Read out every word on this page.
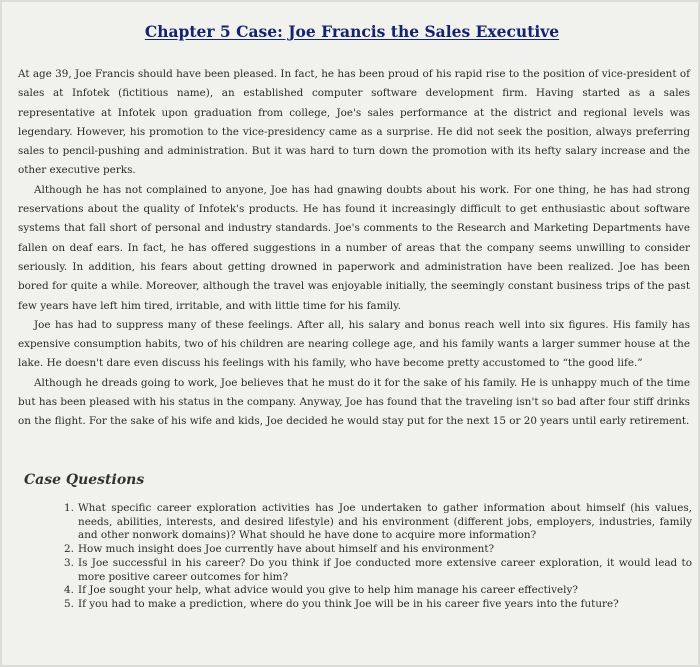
Chapter 5 Case: Joe Francis the Sales Executive

At age 39, Joe Francis should have been pleased. In fact, he has been proud of his rapid rise to the position of vice-president of sales at Infotek (fictitious name), an established computer software development firm. Having started as a sales representative at Infotek upon graduation from college, Joe's sales performance at the district and regional levels was legendary. However, his promotion to the vice-presidency came as a surprise. He did not seek the position, always preferring sales to pencil-pushing and administration. But it was hard to turn down the promotion with its hefty salary increase and the other executive perks.

Although he has not complained to anyone, Joe has had gnawing doubts about his work. For one thing, he has had strong reservations about the quality of Infotek's products. He has found it increasingly difficult to get enthusiastic about software systems that fall short of personal and industry standards. Joe's comments to the Research and Marketing Departments have fallen on deaf ears. In fact, he has offered suggestions in a number of areas that the company seems unwilling to consider seriously. In addition, his fears about getting drowned in paperwork and administration have been realized. Joe has been bored for quite a while. Moreover, although the travel was enjoyable initially, the seemingly constant business trips of the past few years have left him tired, irritable, and with little time for his family.

Joe has had to suppress many of these feelings. After all, his salary and bonus reach well into six figures. His family has expensive consumption habits, two of his children are nearing college age, and his family wants a larger summer house at the lake. He doesn't dare even discuss his feelings with his family, who have become pretty accustomed to “the good life.”

Although he dreads going to work, Joe believes that he must do it for the sake of his family. He is unhappy much of the time but has been pleased with his status in the company. Anyway, Joe has found that the traveling isn't so bad after four stiff drinks on the flight. For the sake of his wife and kids, Joe decided he would stay put for the next 15 or 20 years until early retirement.

Case Questions
1. What specific career exploration activities has Joe undertaken to gather information about himself (his values, needs, abilities, interests, and desired lifestyle) and his environment (different jobs, employers, industries, family and other nonwork domains)? What should he have done to acquire more information?
2. How much insight does Joe currently have about himself and his environment?
3. Is Joe successful in his career? Do you think if Joe conducted more extensive career exploration, it would lead to more positive career outcomes for him?
4. If Joe sought your help, what advice would you give to help him manage his career effectively?
5. If you had to make a prediction, where do you think Joe will be in his career five years into the future?
